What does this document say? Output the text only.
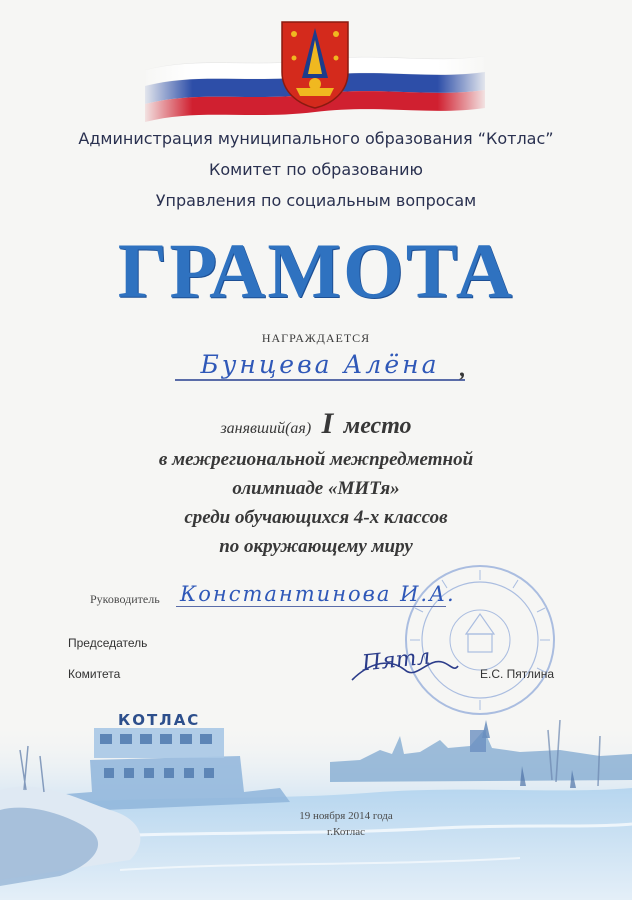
Администрация муниципального образования “Котлас”
Комитет по образованию
Управления по социальным вопросам
ГРАМОТА
НАГРАЖДАЕТСЯ
Бунцева Алёна ,
занявший(ая) I место
в межрегиональной межпредметной
олимпиаде «МИТя»
среди обучающихся 4-х классов
по окружающему миру
Руководитель Константинова И.А.
Председатель
Комитета	Пятл	Е.С. Пятлина
КОТЛАС
19 ноября 2014 года
г.Котлас
